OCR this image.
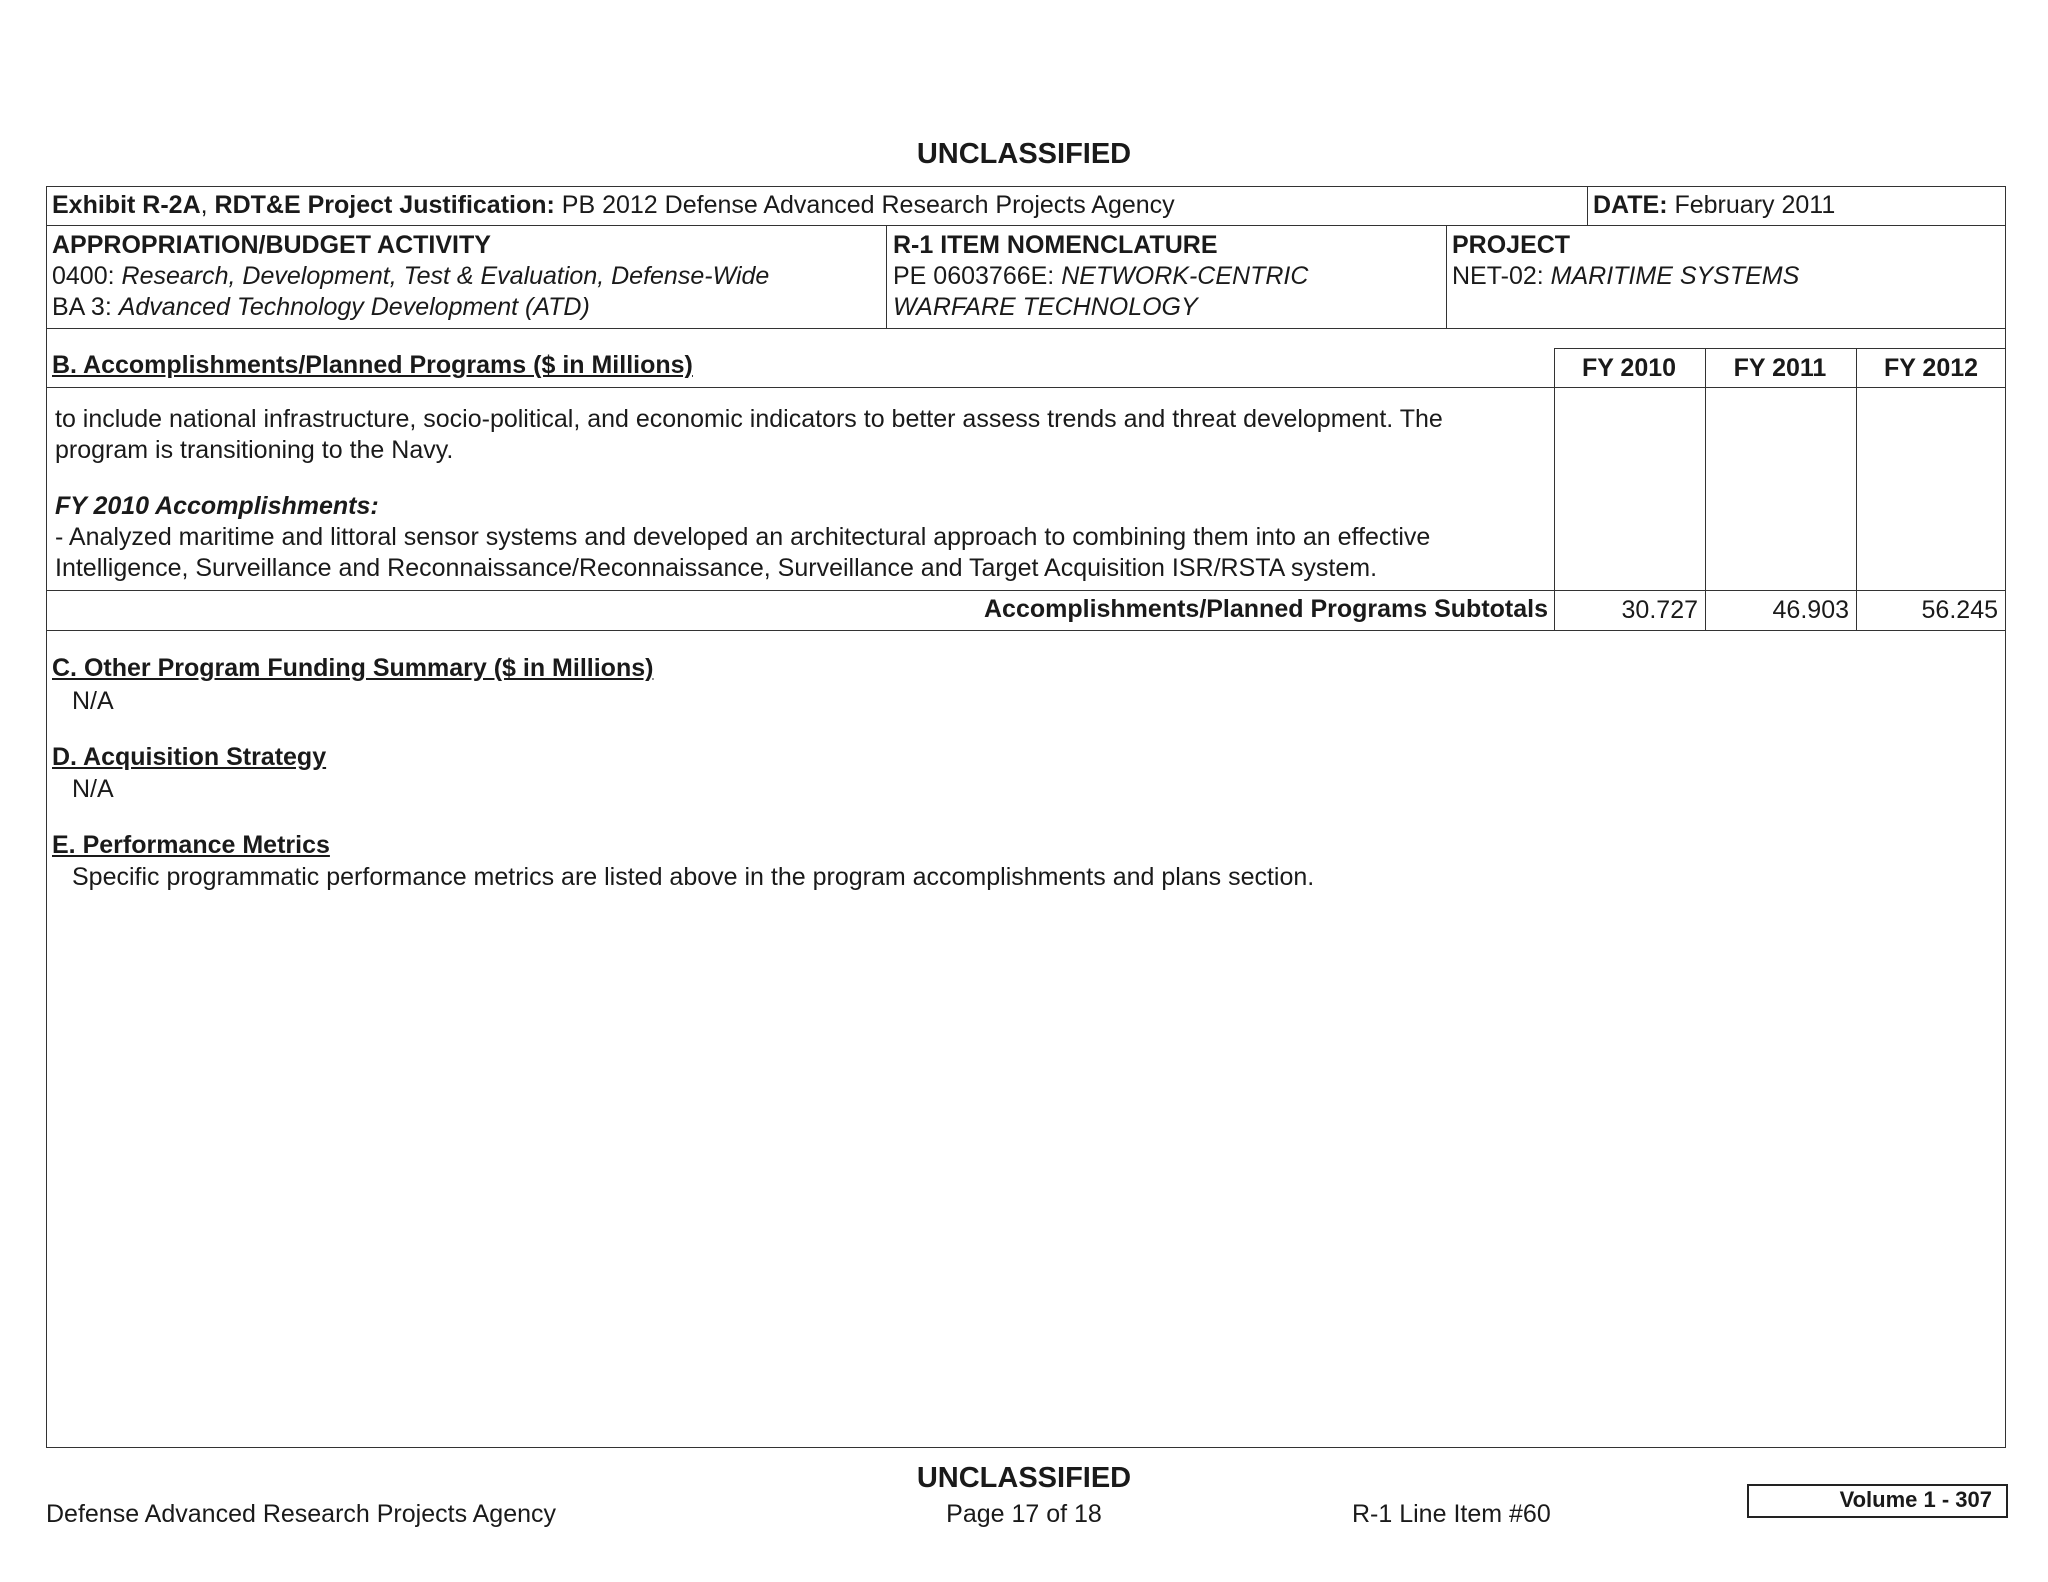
UNCLASSIFIED
Exhibit R-2A, RDT&E Project Justification: PB 2012 Defense Advanced Research Projects Agency	DATE: February 2011
APPROPRIATION/BUDGET ACTIVITY
0400: Research, Development, Test & Evaluation, Defense-Wide
BA 3: Advanced Technology Development (ATD)
R-1 ITEM NOMENCLATURE
PE 0603766E: NETWORK-CENTRIC
WARFARE TECHNOLOGY
PROJECT
NET-02: MARITIME SYSTEMS
B. Accomplishments/Planned Programs ($ in Millions)	FY 2010	FY 2011	FY 2012
to include national infrastructure, socio-political, and economic indicators to better assess trends and threat development. The
program is transitioning to the Navy.
FY 2010 Accomplishments:
- Analyzed maritime and littoral sensor systems and developed an architectural approach to combining them into an effective
Intelligence, Surveillance and Reconnaissance/Reconnaissance, Surveillance and Target Acquisition ISR/RSTA system.
Accomplishments/Planned Programs Subtotals	30.727	46.903	56.245
C. Other Program Funding Summary ($ in Millions)
N/A
D. Acquisition Strategy
N/A
E. Performance Metrics
Specific programmatic performance metrics are listed above in the program accomplishments and plans section.
UNCLASSIFIED
Defense Advanced Research Projects Agency	Page 17 of 18	R-1 Line Item #60
Volume 1 - 307
